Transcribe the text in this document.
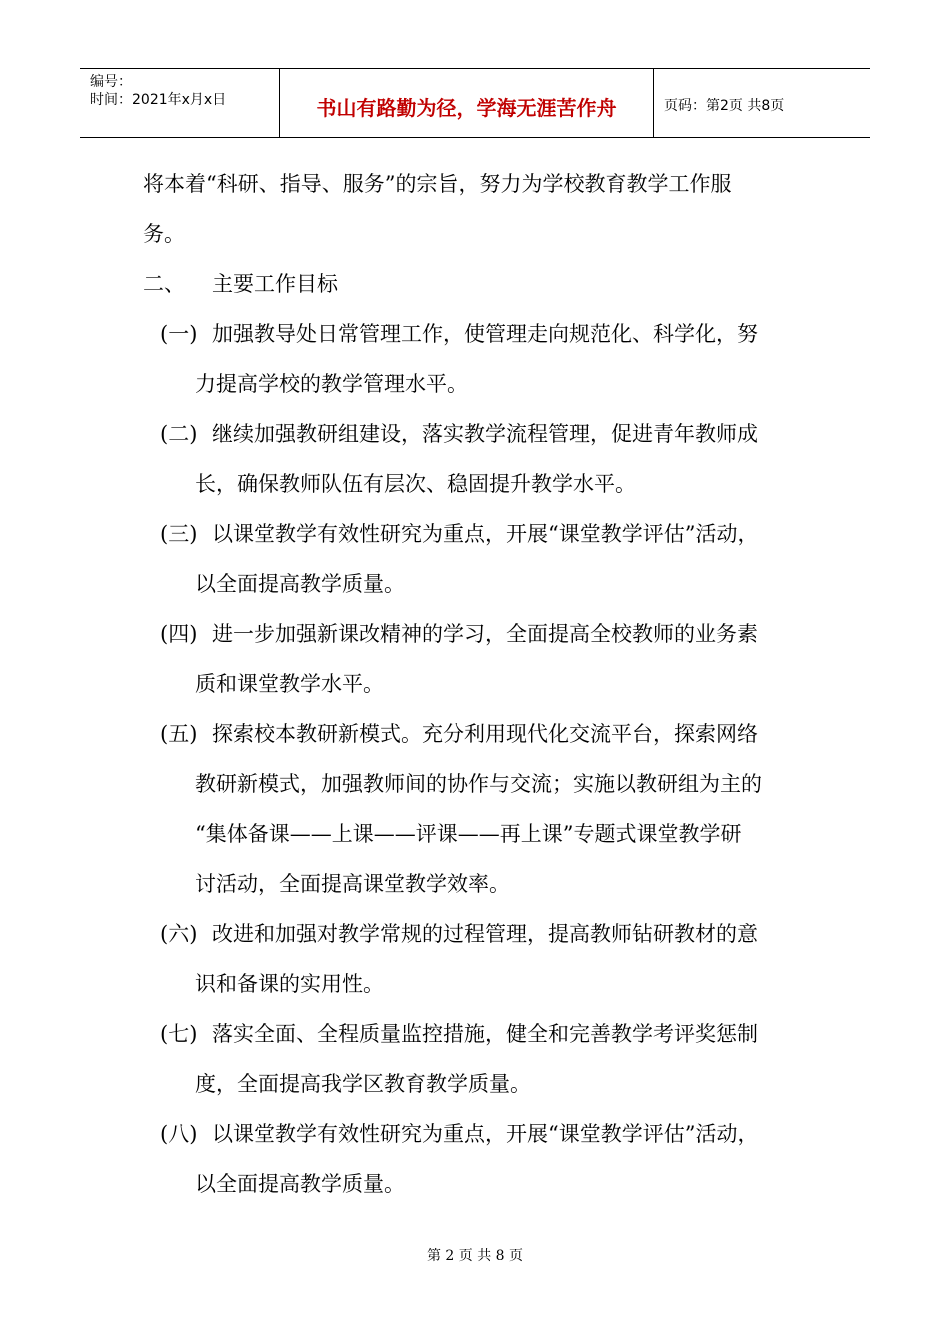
编号：
时间：2021年x月x日	书山有路勤为径，学海无涯苦作舟	页码：第2页 共8页
将本着“科研、指导、服务”的宗旨，努力为学校教育教学工作服
务。
二、 主要工作目标
(一) 加强教导处日常管理工作，使管理走向规范化、科学化，努
力提高学校的教学管理水平。
(二) 继续加强教研组建设，落实教学流程管理，促进青年教师成
长，确保教师队伍有层次、稳固提升教学水平。
(三) 以课堂教学有效性研究为重点，开展“课堂教学评估”活动，
以全面提高教学质量。
(四) 进一步加强新课改精神的学习，全面提高全校教师的业务素
质和课堂教学水平。
(五) 探索校本教研新模式。充分利用现代化交流平台，探索网络
教研新模式，加强教师间的协作与交流；实施以教研组为主的
“集体备课——上课——评课——再上课”专题式课堂教学研
讨活动，全面提高课堂教学效率。
(六) 改进和加强对教学常规的过程管理，提高教师钻研教材的意
识和备课的实用性。
(七) 落实全面、全程质量监控措施，健全和完善教学考评奖惩制
度，全面提高我学区教育教学质量。
(八) 以课堂教学有效性研究为重点，开展“课堂教学评估”活动，
以全面提高教学质量。
第 2 页 共 8 页
